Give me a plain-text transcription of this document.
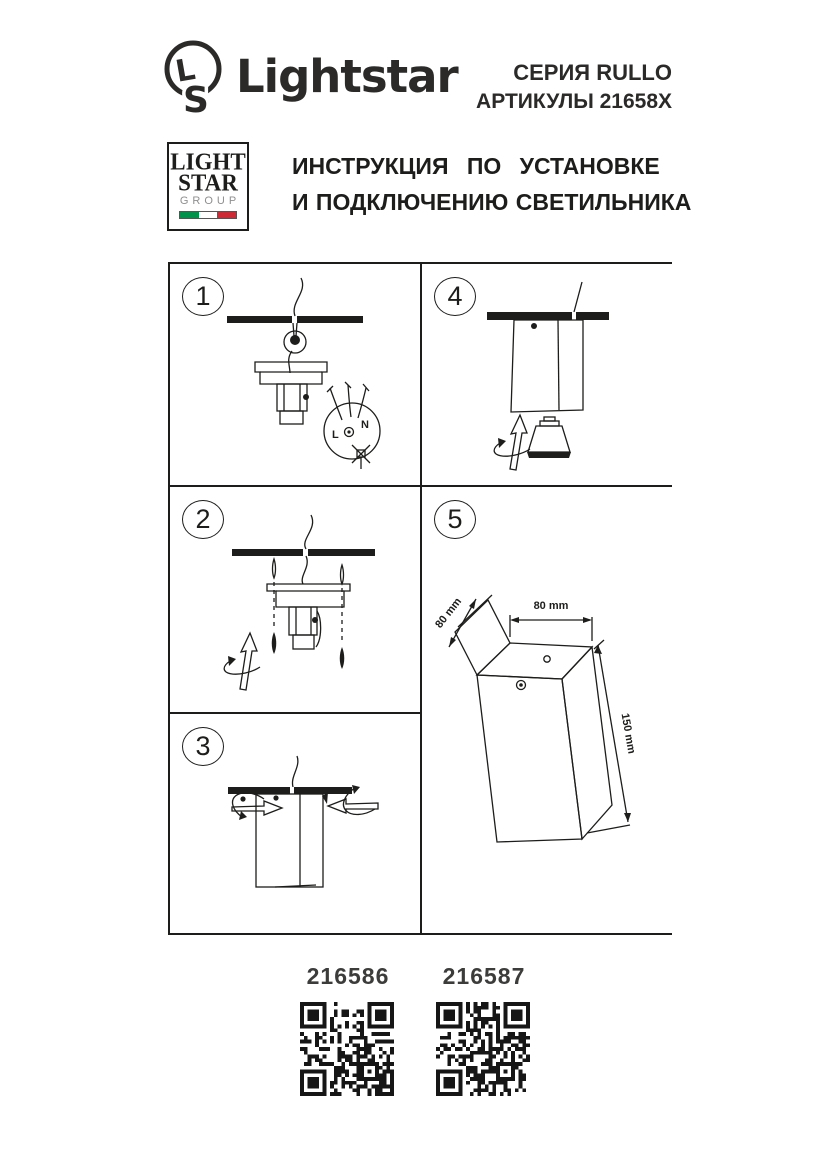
L
S Lightstar	СЕРИЯ RULLO
АРТИКУЛЫ 21658X
LIGHT
STAR
GROUP
ИНСТРУКЦИЯ ПО УСТАНОВКЕ
И ПОДКЛЮЧЕНИЮ СВЕТИЛЬНИКА
L
N
1
2
3
4
80 mm
80 mm
150 mm
5
216586 216587
